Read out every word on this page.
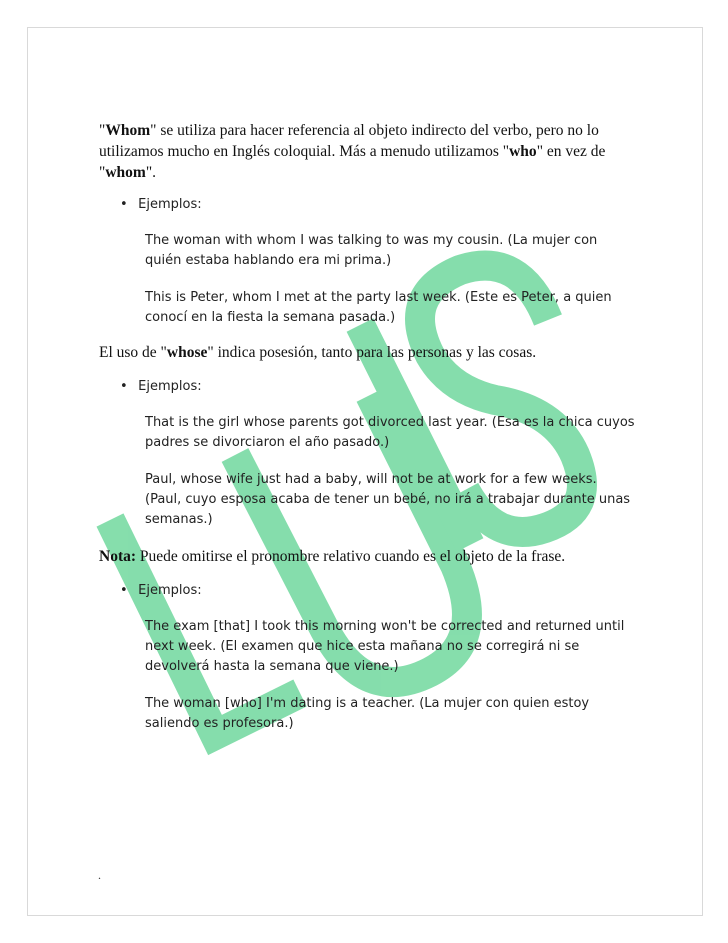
"Whom" se utiliza para hacer referencia al objeto indirecto del verbo, pero no lo utilizamos mucho en Inglés coloquial. Más a menudo utilizamos "who" en vez de "whom".
• Ejemplos:
The woman with whom I was talking to was my cousin. (La mujer con quién estaba hablando era mi prima.)
This is Peter, whom I met at the party last week. (Este es Peter, a quien conocí en la fiesta la semana pasada.)
El uso de "whose" indica posesión, tanto para las personas y las cosas.
• Ejemplos:
That is the girl whose parents got divorced last year. (Esa es la chica cuyos padres se divorciaron el año pasado.)
Paul, whose wife just had a baby, will not be at work for a few weeks. (Paul, cuyo esposa acaba de tener un bebé, no irá a trabajar durante unas semanas.)
Nota: Puede omitirse el pronombre relativo cuando es el objeto de la frase.
• Ejemplos:
The exam [that] I took this morning won't be corrected and returned until next week. (El examen que hice esta mañana no se corregirá ni se devolverá hasta la semana que viene.)
The woman [who] I'm dating is a teacher. (La mujer con quien estoy saliendo es profesora.)
.
